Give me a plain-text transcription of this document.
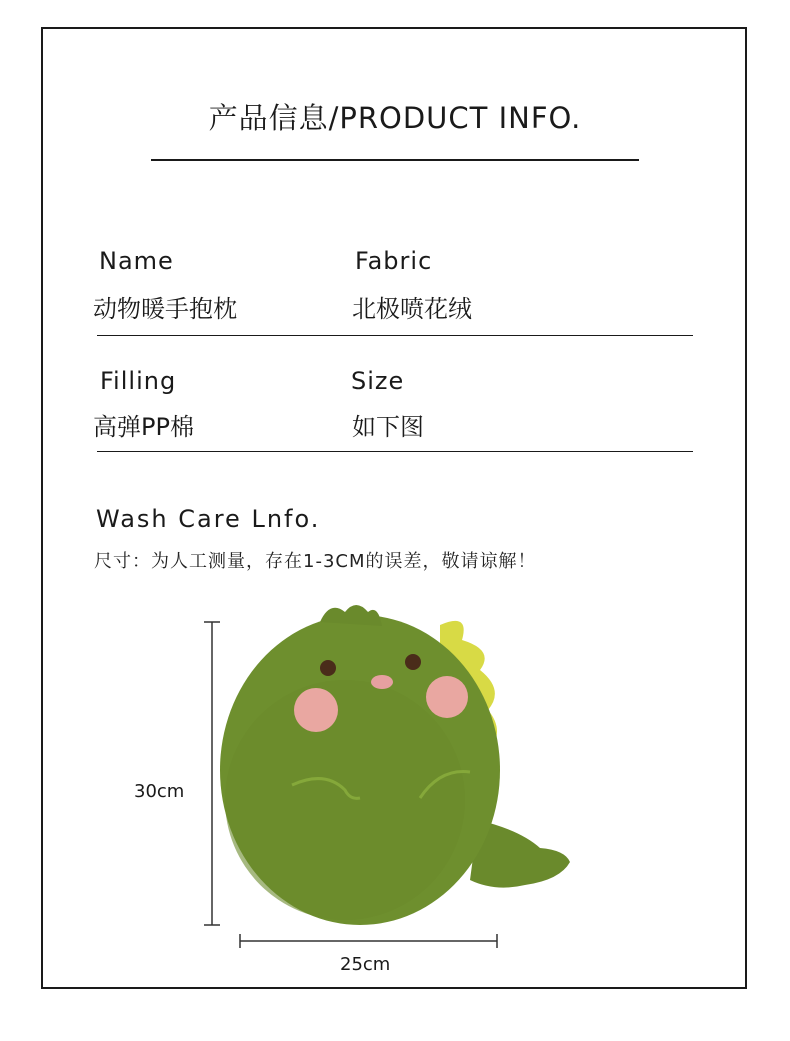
产品信息/PRODUCT INFO.
Name
动物暖手抱枕
Fabric
北极喷花绒
Filling
高弹PP棉
Size
如下图
Wash Care Lnfo.
尺寸：为人工测量，存在1-3CM的误差，敬请谅解！
30cm
25cm
